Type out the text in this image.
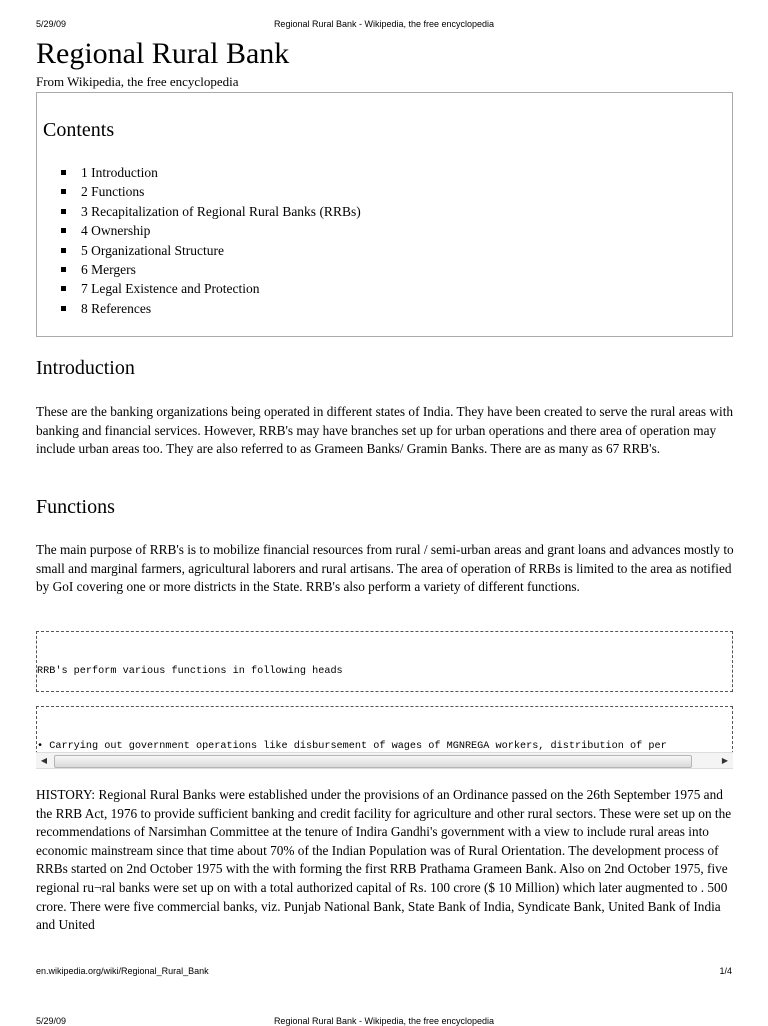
5/29/09	Regional Rural Bank - Wikipedia, the free encyclopedia
Regional Rural Bank
From Wikipedia, the free encyclopedia
Contents
1 Introduction
2 Functions
3 Recapitalization of Regional Rural Banks (RRBs)
4 Ownership
5 Organizational Structure
6 Mergers
7 Legal Existence and Protection
8 References
Introduction

These are the banking organizations being operated in different states of India. They have been created to serve the rural areas with banking and financial services. However, RRB's may have branches set up for urban operations and there area of operation may include urban areas too. They are also referred to as Grameen Banks/ Gramin Banks. There are as many as 67 RRB's.

Functions

The main purpose of RRB's is to mobilize financial resources from rural / semi-urban areas and grant loans and advances mostly to small and marginal farmers, agricultural laborers and rural artisans. The area of operation of RRBs is limited to the area as notified by GoI covering one or more districts in the State. RRB's also perform a variety of different functions.

RRB's perform various functions in following heads

• Carrying out government operations like disbursement of wages of MGNREGA workers, distribution of per

◀	▶

HISTORY: Regional Rural Banks were established under the provisions of an Ordinance passed on the 26th September 1975 and the RRB Act, 1976 to provide sufficient banking and credit facility for agriculture and other rural sectors. These were set up on the recommendations of Narsimhan Committee at the tenure of Indira Gandhi's government with a view to include rural areas into economic mainstream since that time about 70% of the Indian Population was of Rural Orientation. The development process of RRBs started on 2nd October 1975 with the with forming the first RRB Prathama Grameen Bank. Also on 2nd October 1975, five regional ru¬ral banks were set up on with a total authorized capital of Rs. 100 crore ($ 10 Million) which later augmented to . 500 crore. There were five commercial banks, viz. Punjab National Bank, State Bank of India, Syndicate Bank, United Bank of India and United

en.wikipedia.org/wiki/Regional_Rural_Bank	1/4
5/29/09	Regional Rural Bank - Wikipedia, the free encyclopedia
